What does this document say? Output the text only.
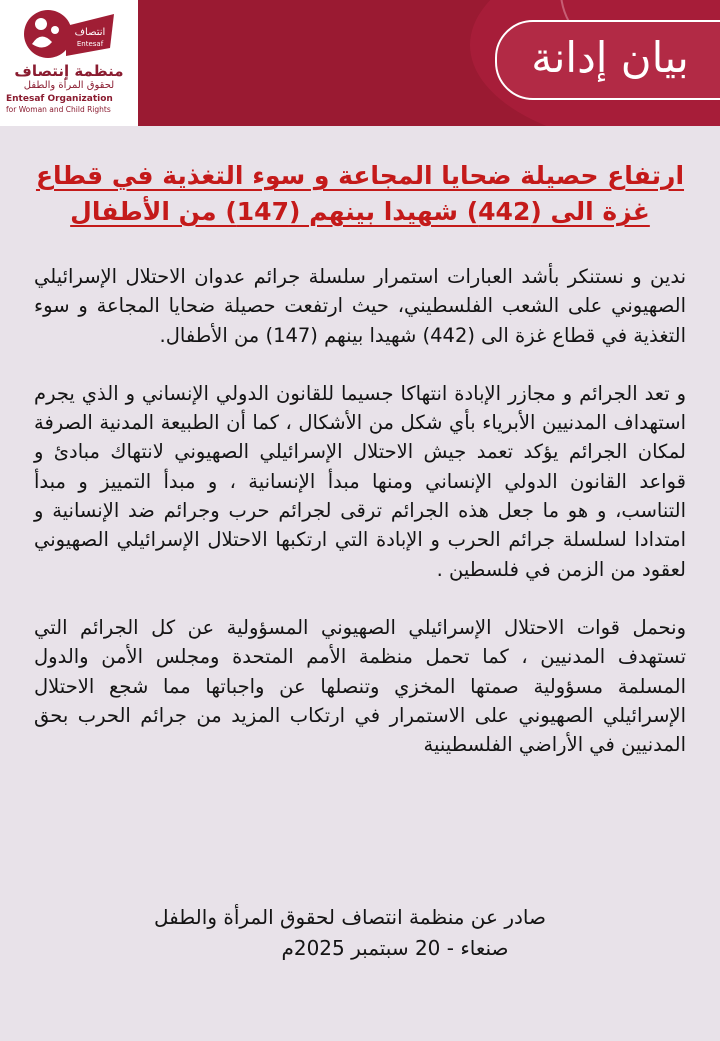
انتصاف
Entesaf
منظمة إنتصاف
لحقوق المرأة والطفل
Entesaf Organization
for Woman and Child Rights
بيان إدانة
ارتفاع حصيلة ضحايا المجاعة و سوء التغذية في قطاع
غزة الى (442) شهيدا بينهم (147) من الأطفال

ندين و نستنكر بأشد العبارات استمرار سلسلة جرائم عدوان الاحتلال الإسرائيلي الصهيوني على الشعب الفلسطيني، حيث ارتفعت حصيلة ضحايا المجاعة و سوء التغذية في قطاع غزة الى (442) شهيدا بينهم (147) من الأطفال.

و تعد الجرائم و مجازر الإبادة انتهاكا جسيما للقانون الدولي الإنساني و الذي يجرم استهداف المدنيين الأبرياء بأي شكل من الأشكال ، كما أن الطبيعة المدنية الصرفة لمكان الجرائم يؤكد تعمد جيش الاحتلال الإسرائيلي الصهيوني لانتهاك مبادئ و قواعد القانون الدولي الإنساني ومنها مبدأ الإنسانية ، و مبدأ التمييز و مبدأ التناسب، و هو ما جعل هذه الجرائم ترقى لجرائم حرب وجرائم ضد الإنسانية و امتدادا لسلسلة جرائم الحرب و الإبادة التي ارتكبها الاحتلال الإسرائيلي الصهيوني لعقود من الزمن في فلسطين .

ونحمل قوات الاحتلال الإسرائيلي الصهيوني المسؤولية عن كل الجرائم التي تستهدف المدنيين ، كما تحمل منظمة الأمم المتحدة ومجلس الأمن والدول المسلمة مسؤولية صمتها المخزي وتنصلها عن واجباتها مما شجع الاحتلال الإسرائيلي الصهيوني على الاستمرار في ارتكاب المزيد من جرائم الحرب بحق المدنيين في الأراضي الفلسطينية

صادر عن منظمة انتصاف لحقوق المرأة والطفل
صنعاء - 20 سبتمبر 2025م
